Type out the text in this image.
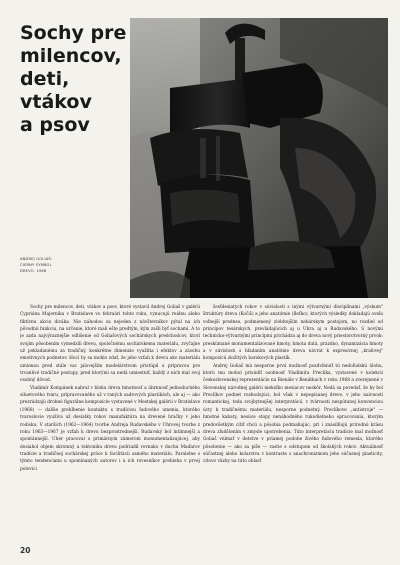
Sochy pre
milencov,
deti,
vtákov
a psov
ANDREJ GOLIAŠ:
ČIERNY SYMBOL
DREVO, 1968

Sochy pre milencov, deti, vtákov a psov, ktoré vystavil Andrej Goliaš v galérii Cypriána Majerníka v Bratislave vo februári tohto roku, vynucujú reálnu alebo fiktívnu akciu diváka. Nie náhodou sa nejeden z návštevníkov pýtal na ich pôvodnú funkciu, na určenie, ktoré mali ešte predtým, kým zašli byť sochami. A to je azda najvýraznejšie odlišenie od Goliašových sochárskych predchodcov, ktorí svojím pôsobením vymedzili drevu, spoločnému sochárskemu materiálu, zvyčajne už pokladanému za tradičný, konkrétne dimenzie využitia i efektov a zásobu emotívnych podnetov. Hoci by sa mohlo zdať, že jeho vzťah k drevu ako materiálu umienou pred stále vac jalovejším modelárstvom pristúpil a prípravou pre trvanlivé tradičné postupy, pred ktorými sa nedá umiestniť, každý z nich mal svoj osobný dôvod.

Vladimír Kompánek nabral v bloku dreva hmotnosť a úhrnnosť jednoduchého siluetového tvaru, pripravovaného už v raných sadrových plastikách, ale aj — ako prezrádzajú drobné figurálne kompozície vystavené v Mestskej galérii v Bratislave (1968) — dalšie prehĺbenie kontaktu s tradíciou ľudového umenia, ktorého tvaroslovie využíva už desiatky rokov manufaktúra na drevené hračky v jeho rodisku. V starších (1962—1964) tvorbe Andreja Rudavského v Uhrovej tvorbe z roku 1963—1967 je vzťah k drevu bezprostrednejší. Rudavský bol intímnejší a spontánnejší. Uher pracoval s primárnym zámerom monumentalizujúcej, aby dosiahol objem skromný a tektoniku drevu podriadil rovnako v duchu Maďarov tradície a tradičnej sochárskej práce k facilitácii samého materiálu. Paralelne s týmto tendenciami u spomínaných autorov i u ich rovesníkov prebieha v prvej polovici

šesťdesiatych rokov v súvislosti s inými výtvarnými disciplínami „výskum" štruktúry dreva (Kočiš) a jeho anatómie (Ileťko), ktorých výsledky dokladajú oveľa voľnejší prednes, podmienený zlobitejším nebárskym postojom, no rozdiel od princípov tesárskych, prevládajúcich aj u Uhra aj u Rudavského. S novými technicko-výtvarnými princípmi prichádza aj do dreva nový priestorotvorný prvok: preskúmané monumentalizované hmoty, hmota dutá, prázdno, dynamizácia hmoty a v súvislosti s hľadaním anatómie dreva návrat k expresívnej „kraľovej" kompozícii zložitých barokových plastík.

Andrej Goliaš má nesporne prvú možnosť pozdvihnúť tú nedoľudskú úlohu, ktorú mu mohol prisúdiť osobnosť Vladimíra Preclíka, vystavené v kolekcii československej reprezentácie na Bienále v Benátkach v roku 1968 a zverejnené v Slovenskej národnej galérii niekoľko mesiacov neskôr. Nedá sa povedať, že by bol Preclíkov podnet rozhodujúci; bol však v nepopísanej dreve, v jeho naivnosti romantickej, teda svojbytnejšej interpretácii, v tvárnosti nespútanej konvenciou úcty k tradičnému materiálu, nesporne podnetný. Preclíkove „antistroje" — hmotné kabaty, nesúce stopy nenáhodného rukodielneho opracovania, ktorým predovšetkým cítiť chcú a pôsobia podmaňujúc, pri i znásilňujú prírodnú krásu dreva zľudštením v zmysle upotrebenia. Túto interpretáciu tradície mal možnosť Goliaš vnímať v detstve v priamej podobe živého ľudového remesla, ktorého pôsobenie — ako sa píše — rastie s odstupom od školských rokov. Aktuálnosť súčastnej alebo kolarstva v kontraste s anachronizmom jeho súčasnej plasticity, citovo väzby na túto oblasť

20
